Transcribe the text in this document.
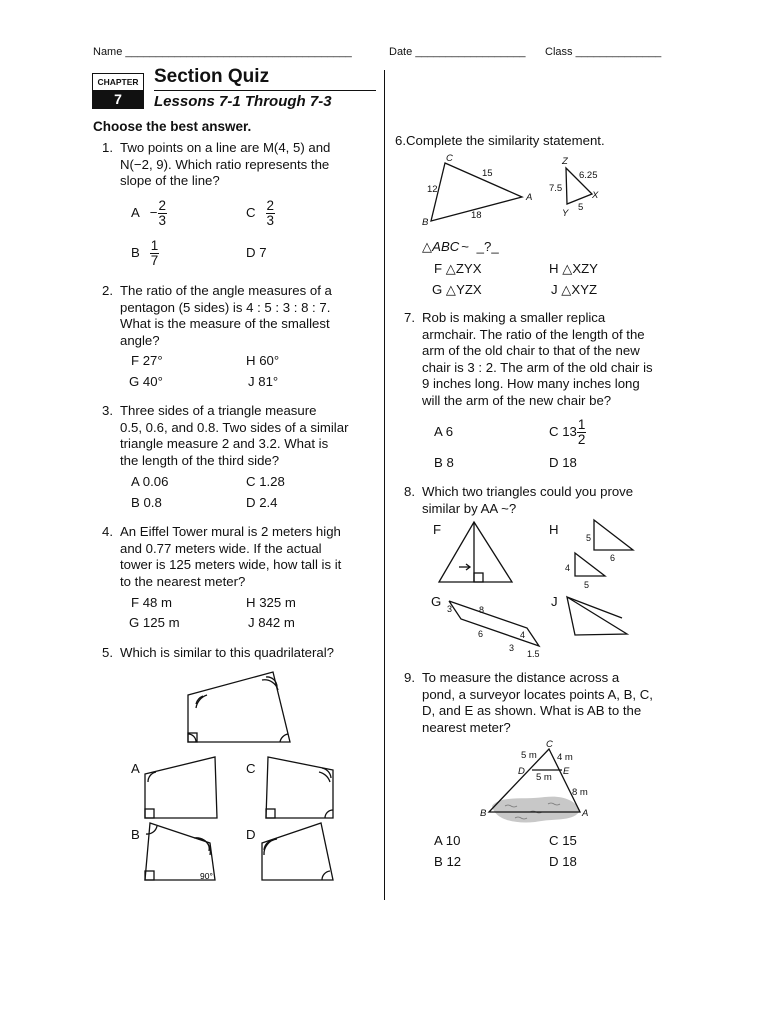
Name _____________________________________	Date __________________ Class ______________
CHAPTER
7
Section Quiz
Lessons 7-1 Through 7-3
Choose the best answer.
1. Two points on a line are M(4, 5) and
N(−2, 9). Which ratio represents the
slope of the line?
$A - \frac{2}{3}$	C $\frac{2}{3}$
B $\frac{1}{7}$	D 7
2. The ratio of the angle measures of a
pentagon (5 sides) is 4 : 5 : 3 : 8 : 7.
What is the measure of the smallest
angle?
F 27°	H 60°
G 40°	J 81°
3. Three sides of a triangle measure
0.5, 0.6, and 0.8. Two sides of a similar
triangle measure 2 and 3.2. What is
the length of the third side?
A 0.06	C 1.28
B 0.8	D 2.4
4. An Eiffel Tower mural is 2 meters high
and 0.77 meters wide. If the actual
tower is 125 meters wide, how tall is it
to the nearest meter?
F 48 m	H 325 m
G 125 m	J 842 m
5. Which is similar to this quadrilateral?
90°
A	C
B	D
6.Complete the similarity statement.
C
A
B
12
15
18
Z
X
Y
6.25
7.5
5
△ABC ~ _?_
F △ZYX	H △XZY
G △YZX	J △XYZ
7. Rob is making a smaller replica
armchair. The ratio of the length of the
arm of the old chair to that of the new
chair is 3 : 2. The arm of the old chair is
9 inches long. How many inches long
will the arm of the new chair be?
A 6	C $13 \frac{1}{2}$
B 8	D 18
8. Which two triangles could you prove
similar by AA ~?
F	H
G	J
5
6
4
5
3	8
6	4
3
1.5
9. To measure the distance across a
pond, a surveyor locates points A, B, C,
D, and E as shown. What is AB to the
nearest meter?
C
D	E
B	A
5 m 4 m
5 m
8 m
A 10	C 15
B 12	D 18
